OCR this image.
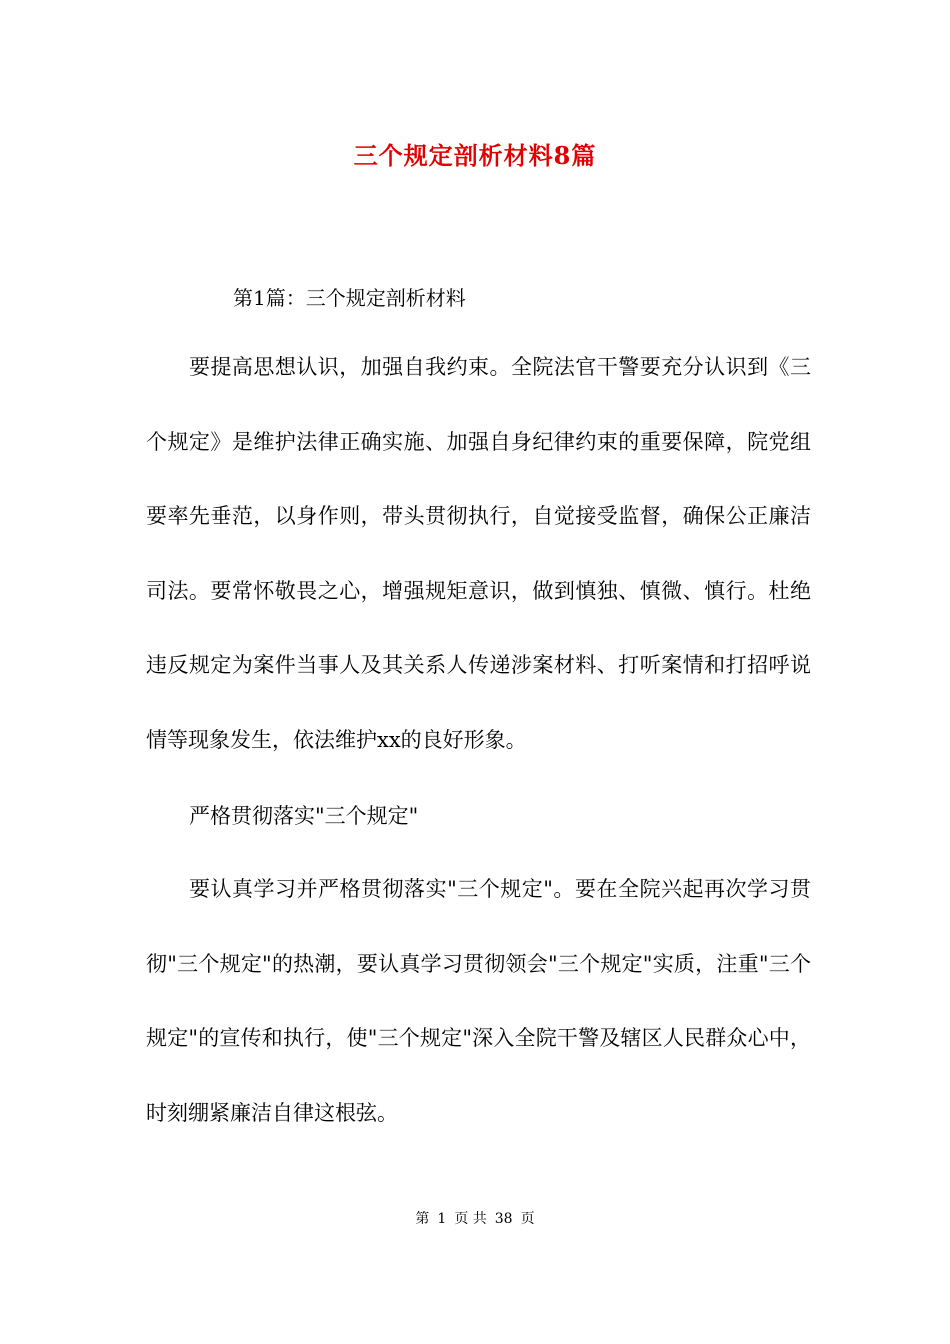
三个规定剖析材料8篇

第1篇：三个规定剖析材料

要提高思想认识，加强自我约束。全院法官干警要充分认识到《三个规定》是维护法律正确实施、加强自身纪律约束的重要保障，院党组要率先垂范，以身作则，带头贯彻执行，自觉接受监督，确保公正廉洁司法。要常怀敬畏之心，增强规矩意识，做到慎独、慎微、慎行。杜绝违反规定为案件当事人及其关系人传递涉案材料、打听案情和打招呼说情等现象发生，依法维护xx的良好形象。

严格贯彻落实"三个规定"

要认真学习并严格贯彻落实"三个规定"。要在全院兴起再次学习贯彻"三个规定"的热潮，要认真学习贯彻领会"三个规定"实质，注重"三个规定"的宣传和执行，使"三个规定"深入全院干警及辖区人民群众心中，时刻绷紧廉洁自律这根弦。

第 1 页 共 38 页
